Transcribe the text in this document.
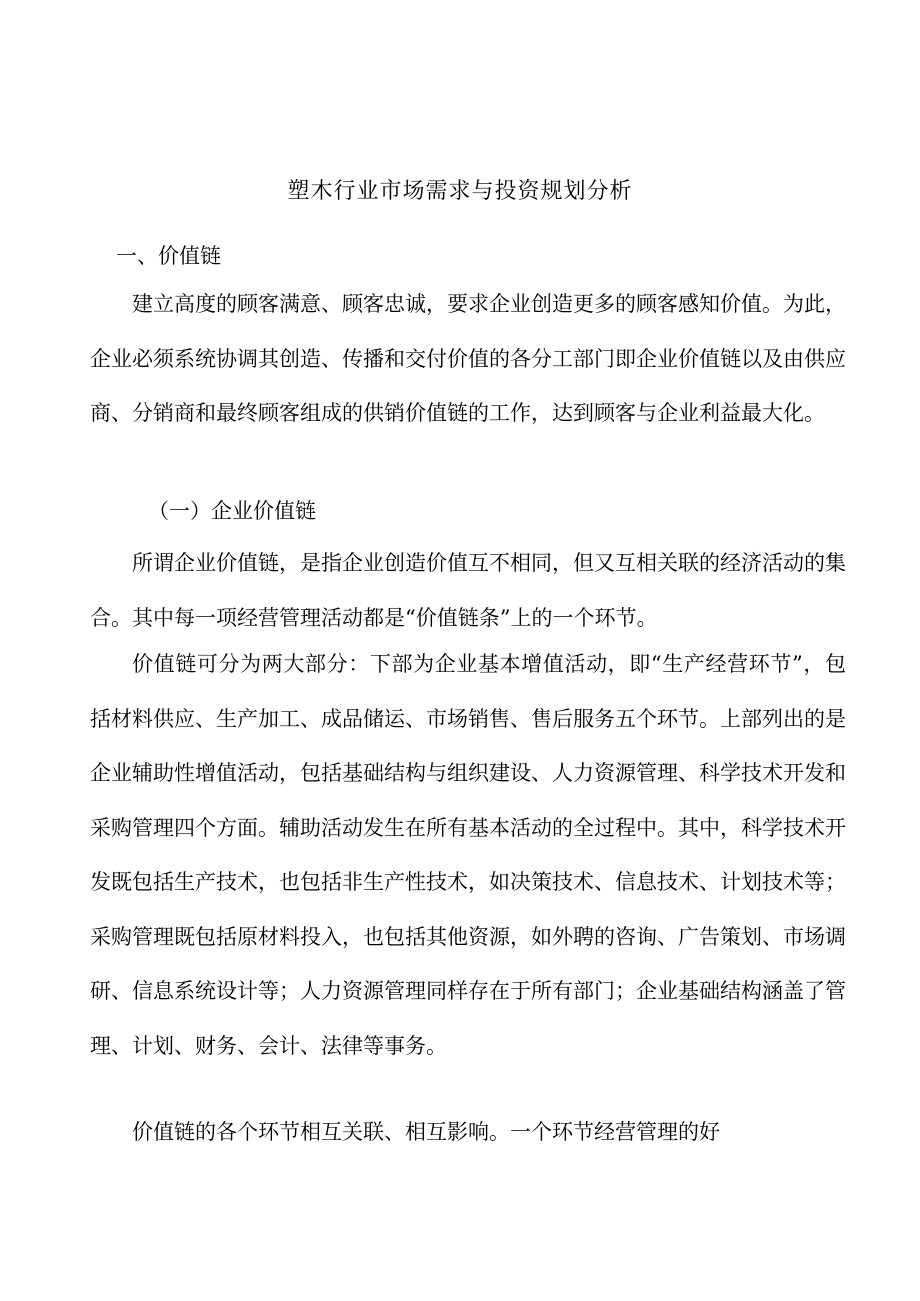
塑木行业市场需求与投资规划分析
一、价值链

建立高度的顾客满意、顾客忠诚，要求企业创造更多的顾客感知价值。为此，企业必须系统协调其创造、传播和交付价值的各分工部门即企业价值链以及由供应商、分销商和最终顾客组成的供销价值链的工作，达到顾客与企业利益最大化。

（一）企业价值链

所谓企业价值链，是指企业创造价值互不相同，但又互相关联的经济活动的集合。其中每一项经营管理活动都是“价值链条”上的一个环节。

价值链可分为两大部分：下部为企业基本增值活动，即“生产经营环节”，包括材料供应、生产加工、成品储运、市场销售、售后服务五个环节。上部列出的是企业辅助性增值活动，包括基础结构与组织建设、人力资源管理、科学技术开发和采购管理四个方面。辅助活动发生在所有基本活动的全过程中。其中，科学技术开发既包括生产技术，也包括非生产性技术，如决策技术、信息技术、计划技术等；采购管理既包括原材料投入，也包括其他资源，如外聘的咨询、广告策划、市场调研、信息系统设计等；人力资源管理同样存在于所有部门；企业基础结构涵盖了管理、计划、财务、会计、法律等事务。

价值链的各个环节相互关联、相互影响。一个环节经营管理的好
